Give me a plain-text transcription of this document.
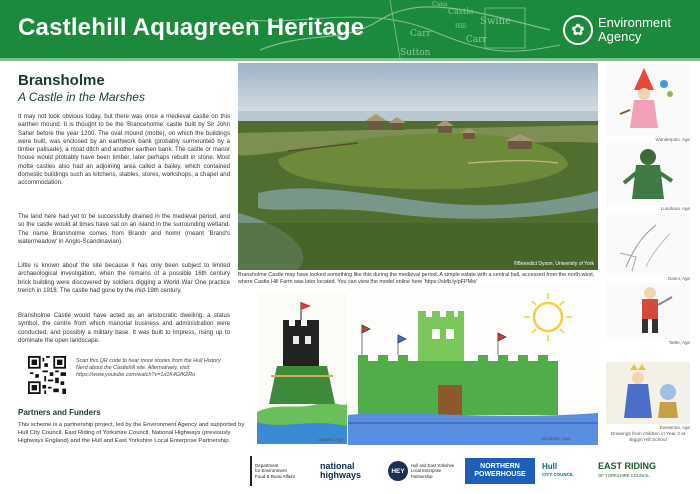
Castle
Swine
Carr
Carr
Sutton
Hill
Cana
Castlehill Aquagreen Heritage	✿	Environment
Agency
Bransholme
A Castle in the Marshes

It may not look obvious today, but there was once a medieval castle on this earthen mound. It is thought to be the 'Branceholme' castle built by Sir John Saher before the year 1200. The oval mound (motte), on which the buildings were built, was enclosed by an earthwork bank (probably surmounted by a timber palisade), a moat ditch and another earthen bank. The castle or manor house would probably have been timber, later perhaps rebuilt in stone. Most motte castles also had an adjoining area called a bailey, which contained domestic buildings such as kitchens, stables, stores, workshops, a chapel and accommodation.

The land here had yet to be successfully drained in the medieval period, and so the castle would at times have sat on an island in the surrounding wetland. The name Bransholme comes from Brandr and holmr (meant 'Brand's watermeadow' in Anglo-Scandinavian).

Little is known about the site because it has only been subject to limited archaeological investigation, when the remains of a possible 16th century brick building were discovered by soldiers digging a World War One practice trench in 1918. The castle had gone by the mid-19th century.

Bransholme Castle would have acted as an aristocratic dwelling, a status symbol, the centre from which manorial business and administration were conducted, and possibly a military base. It was built to impress, rising up to dominate the open landscape.

Scan this QR code to hear more stories from the Hull History Nerd about the Castlehill site. Alternatively, visit: https://www.youtube.com/watch?v=1d1K4GfK2Ro
Partners and Funders
This scheme is a partnership project, led by the Environment Agency and supported by Hull City Council, East Riding of Yorkshire Council, National Highways (previously Highways England) and the Hull and East Yorkshire Local Enterprise Partnership.
©Benedict Dyson, University of York
Bransholme Castle may have looked something like this during the medieval period. A simple estate with a central hall, accessed from the north-west, where Castle Hill Farm was later located. You can view the model online here 'https://skfb.ly/pFPMw'
Wonderpolo. Age
Lunahara. Age
Danni, Age
Tartle, Age
Eveserina, Age
Drawings from children in Year 3 at Biggin Hill School
Jayden, Age	Elizabeth, Age
Department
for Environment
Food & Rural Affairs
national
highways	HEY
Hull and East Yorkshire Local Enterprise Partnership
NORTHERN
POWERHOUSE
Hull
CITY COUNCIL
EAST RIDING
OF YORKSHIRE COUNCIL
